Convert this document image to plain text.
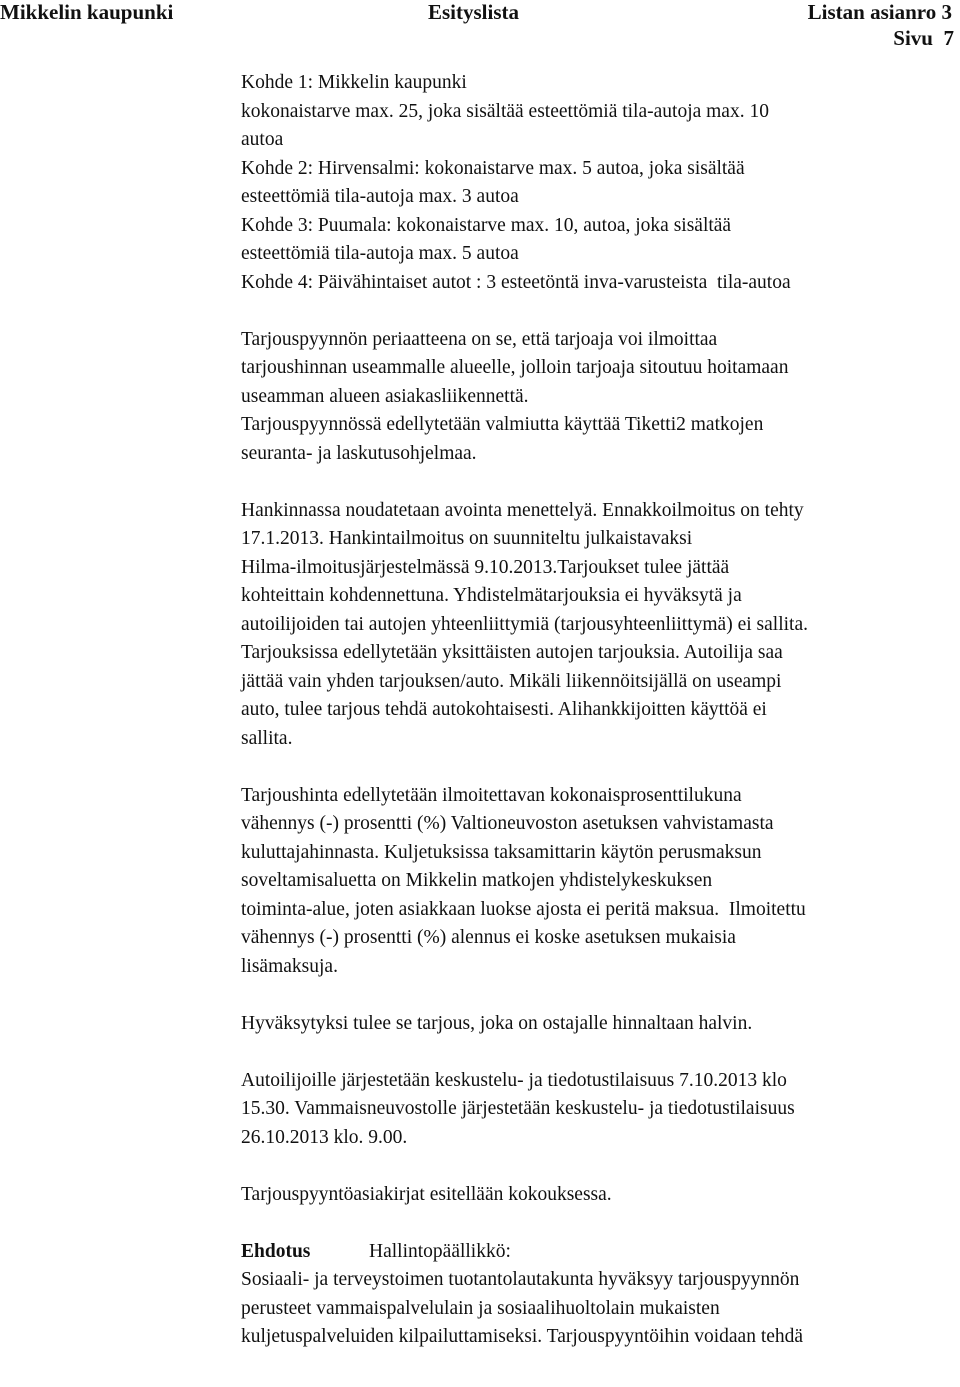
Mikkelin kaupunki	Esityslista	Listan asianro 3
Sivu  7
Kohde 1: Mikkelin kaupunki
kokonaistarve max. 25, joka sisältää esteettömiä tila-autoja max. 10
autoa
Kohde 2: Hirvensalmi: kokonaistarve max. 5 autoa, joka sisältää
esteettömiä tila-autoja max. 3 autoa
Kohde 3: Puumala: kokonaistarve max. 10, autoa, joka sisältää
esteettömiä tila-autoja max. 5 autoa
Kohde 4: Päivähintaiset autot : 3 esteetöntä inva-varusteista  tila-autoa
Tarjouspyynnön periaatteena on se, että tarjoaja voi ilmoittaa
tarjoushinnan useammalle alueelle, jolloin tarjoaja sitoutuu hoitamaan
useamman alueen asiakasliikennettä.
Tarjouspyynnössä edellytetään valmiutta käyttää Tiketti2 matkojen
seuranta- ja laskutusohjelmaa.
Hankinnassa noudatetaan avointa menettelyä. Ennakkoilmoitus on tehty
17.1.2013. Hankintailmoitus on suunniteltu julkaistavaksi
Hilma-ilmoitusjärjestelmässä 9.10.2013.Tarjoukset tulee jättää
kohteittain kohdennettuna. Yhdistelmätarjouksia ei hyväksytä ja
autoilijoiden tai autojen yhteenliittymiä (tarjousyhteenliittymä) ei sallita.
Tarjouksissa edellytetään yksittäisten autojen tarjouksia. Autoilija saa
jättää vain yhden tarjouksen/auto. Mikäli liikennöitsijällä on useampi
auto, tulee tarjous tehdä autokohtaisesti. Alihankkijoitten käyttöä ei
sallita.
Tarjoushinta edellytetään ilmoitettavan kokonaisprosenttilukuna
vähennys (-) prosentti (%) Valtioneuvoston asetuksen vahvistamasta
kuluttajahinnasta. Kuljetuksissa taksamittarin käytön perusmaksun
soveltamisaluetta on Mikkelin matkojen yhdistelykeskuksen
toiminta-alue, joten asiakkaan luokse ajosta ei peritä maksua.  Ilmoitettu
vähennys (-) prosentti (%) alennus ei koske asetuksen mukaisia
lisämaksuja.
Hyväksytyksi tulee se tarjous, joka on ostajalle hinnaltaan halvin.
Autoilijoille järjestetään keskustelu- ja tiedotustilaisuus 7.10.2013 klo
15.30. Vammaisneuvostolle järjestetään keskustelu- ja tiedotustilaisuus
26.10.2013 klo. 9.00.
Tarjouspyyntöasiakirjat esitellään kokouksessa.
Ehdotus	Hallintopäällikkö:
Sosiaali- ja terveystoimen tuotantolautakunta hyväksyy tarjouspyynnön
perusteet vammaispalvelulain ja sosiaalihuoltolain mukaisten
kuljetuspalveluiden kilpailuttamiseksi. Tarjouspyyntöihin voidaan tehdä
